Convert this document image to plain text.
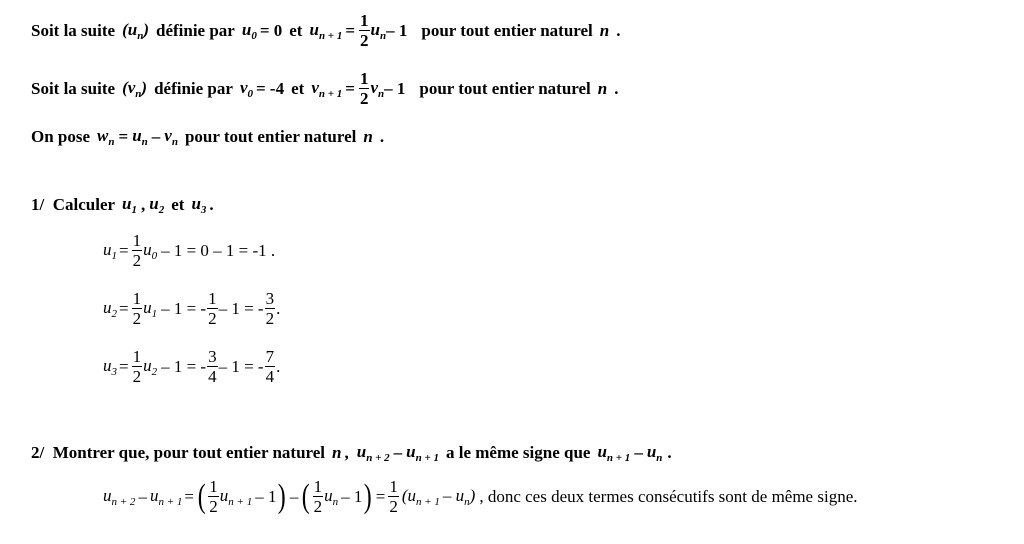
Soit la suite $(u_n)$ définie par $u_0 = 0$ et $u_{n + 1} = \frac{1}{2} u_n - 1$ pour tout entier naturel n .
Soit la suite $(v_n)$ définie par $v_0 = -4$ et $v_{n + 1} = \frac{1}{2} v_n - 1$ pour tout entier naturel n .
On pose $w_n = u_n - v_n$ pour tout entier naturel n .
1/  Calculer $u_1$ , $u_2$ et $u_3$ .
$u_1 = \frac{1}{2} u_0 - 1 = 0 - 1 = -1$ .
$u_2 = \frac{1}{2} u_1 - 1$ = - $\frac{1}{2} - 1$ = - $\frac{3}{2}$ .
$u_3 = \frac{1}{2} u_2 - 1$ = - $\frac{3}{4} - 1$ = - $\frac{7}{4}$ .
2/  Montrer que, pour tout entier naturel n , $u_{n + 2} - u_{n + 1}$ a le même signe que $u_{n + 1} - u_n$ .
$u_{n + 2} - u_{n + 1}$ = ( $\frac{1}{2} u_{n + 1} - 1$ ) – ( $\frac{1}{2} u_n - 1$ ) = $\frac{1}{2} (u_{n + 1} - u_n)$ , donc ces deux termes consécutifs sont de même signe.
